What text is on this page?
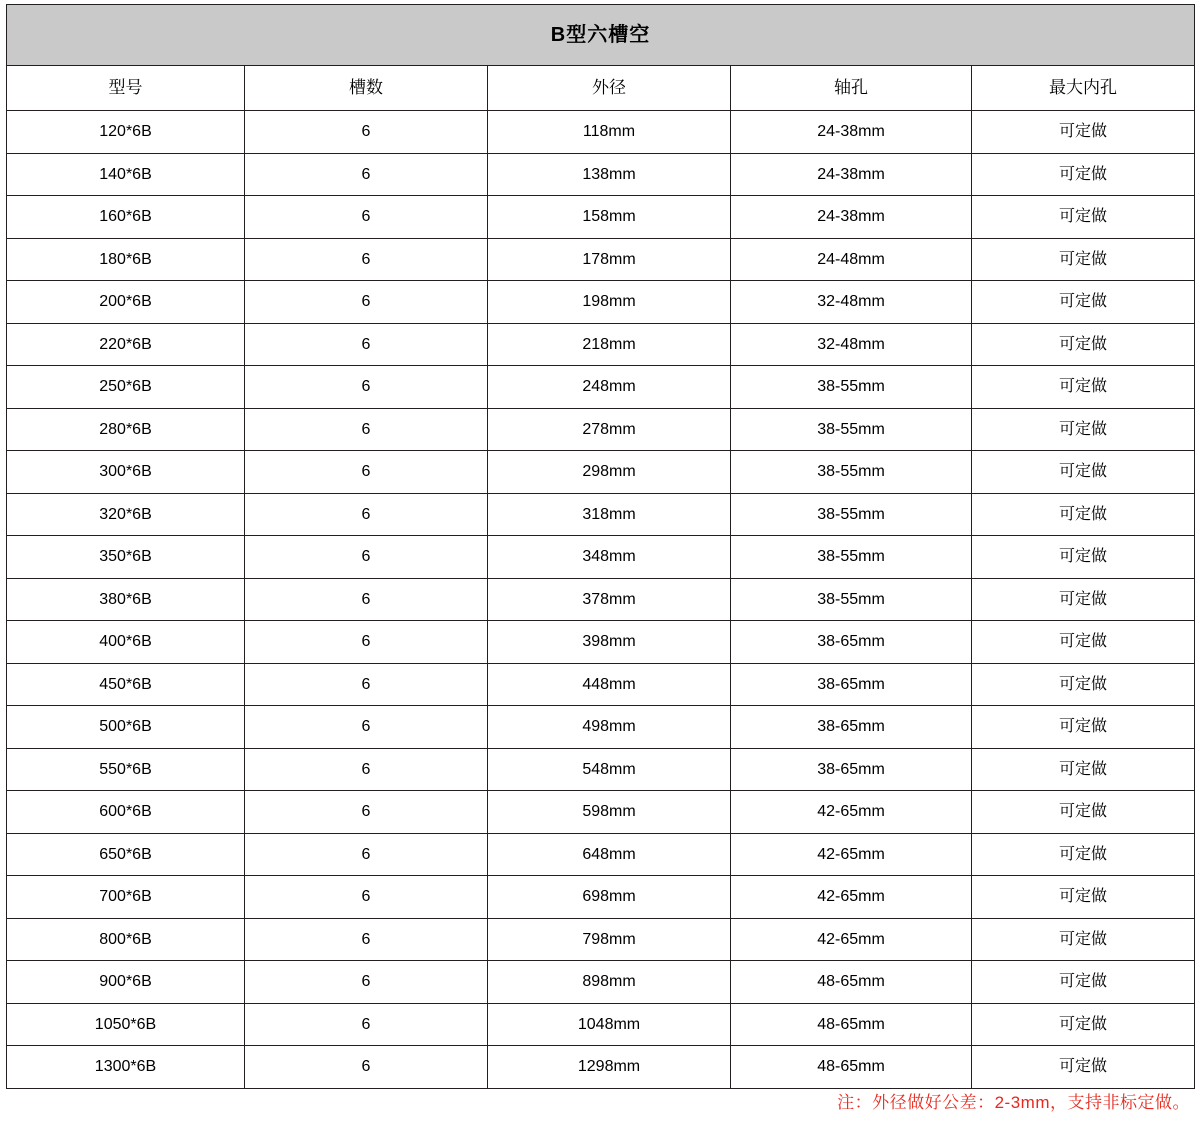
B型六槽空				
型号	槽数	外径	轴孔	最大内孔
120*6B	6	118mm	24-38mm	可定做
140*6B	6	138mm	24-38mm	可定做
160*6B	6	158mm	24-38mm	可定做
180*6B	6	178mm	24-48mm	可定做
200*6B	6	198mm	32-48mm	可定做
220*6B	6	218mm	32-48mm	可定做
250*6B	6	248mm	38-55mm	可定做
280*6B	6	278mm	38-55mm	可定做
300*6B	6	298mm	38-55mm	可定做
320*6B	6	318mm	38-55mm	可定做
350*6B	6	348mm	38-55mm	可定做
380*6B	6	378mm	38-55mm	可定做
400*6B	6	398mm	38-65mm	可定做
450*6B	6	448mm	38-65mm	可定做
500*6B	6	498mm	38-65mm	可定做
550*6B	6	548mm	38-65mm	可定做
600*6B	6	598mm	42-65mm	可定做
650*6B	6	648mm	42-65mm	可定做
700*6B	6	698mm	42-65mm	可定做
800*6B	6	798mm	42-65mm	可定做
900*6B	6	898mm	48-65mm	可定做
1050*6B	6	1048mm	48-65mm	可定做
1300*6B	6	1298mm	48-65mm	可定做
注：外径做好公差：2-3mm，支持非标定做。
